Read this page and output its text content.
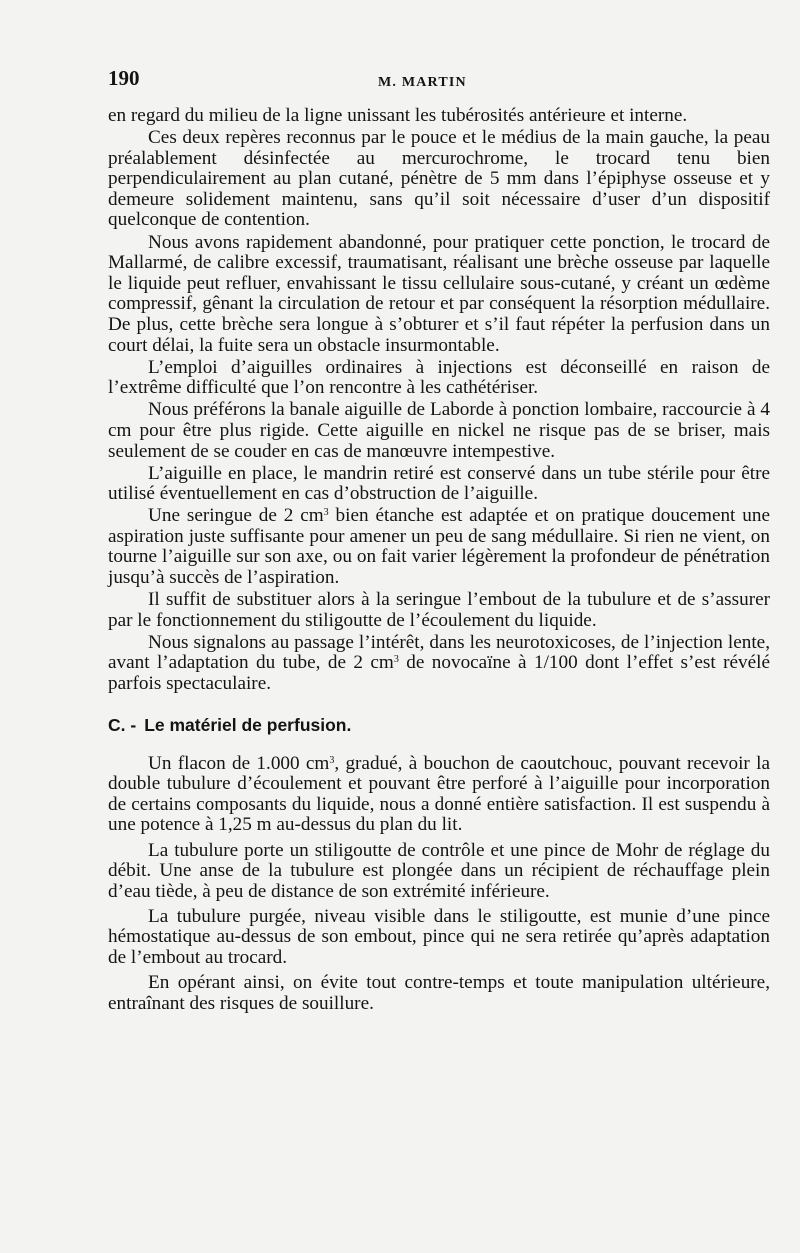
190	M. MARTIN

en regard du milieu de la ligne unissant les tubérosités antérieure et interne.

Ces deux repères reconnus par le pouce et le médius de la main gauche, la peau préalablement désinfectée au mercurochrome, le trocard tenu bien perpendiculairement au plan cutané, pénètre de 5 mm dans l’épiphyse osseuse et y demeure solidement maintenu, sans qu’il soit nécessaire d’user d’un dispositif quelconque de contention.

Nous avons rapidement abandonné, pour pratiquer cette ponction, le trocard de Mallarmé, de calibre excessif, traumatisant, réalisant une brèche osseuse par laquelle le liquide peut refluer, envahissant le tissu cellulaire sous-cutané, y créant un œdème compressif, gênant la circulation de retour et par conséquent la résorption médullaire. De plus, cette brèche sera longue à s’obturer et s’il faut répéter la perfusion dans un court délai, la fuite sera un obstacle insurmontable.

L’emploi d’aiguilles ordinaires à injections est déconseillé en raison de l’extrême difficulté que l’on rencontre à les cathétériser.

Nous préférons la banale aiguille de Laborde à ponction lombaire, raccourcie à 4 cm pour être plus rigide. Cette aiguille en nickel ne risque pas de se briser, mais seulement de se couder en cas de manœuvre intempestive.

L’aiguille en place, le mandrin retiré est conservé dans un tube stérile pour être utilisé éventuellement en cas d’obstruction de l’aiguille.

Une seringue de 2 $cm^3$ bien étanche est adaptée et on pratique doucement une aspiration juste suffisante pour amener un peu de sang médullaire. Si rien ne vient, on tourne l’aiguille sur son axe, ou on fait varier légèrement la profondeur de pénétration jusqu’à succès de l’aspiration.

Il suffit de substituer alors à la seringue l’embout de la tubulure et de s’assurer par le fonctionnement du stiligoutte de l’écoulement du liquide.

Nous signalons au passage l’intérêt, dans les neurotoxicoses, de l’injection lente, avant l’adaptation du tube, de 2 $cm^3$ de novocaïne à 1/100 dont l’effet s’est révélé parfois spectaculaire.

C. - Le matériel de perfusion.

Un flacon de 1.000 $cm^3$, gradué, à bouchon de caoutchouc, pouvant recevoir la double tubulure d’écoulement et pouvant être perforé à l’aiguille pour incorporation de certains composants du liquide, nous a donné entière satisfaction. Il est suspendu à une potence à 1,25 m au-dessus du plan du lit.

La tubulure porte un stiligoutte de contrôle et une pince de Mohr de réglage du débit. Une anse de la tubulure est plongée dans un récipient de réchauffage plein d’eau tiède, à peu de distance de son extrémité inférieure.

La tubulure purgée, niveau visible dans le stiligoutte, est munie d’une pince hémostatique au-dessus de son embout, pince qui ne sera retirée qu’après adaptation de l’embout au trocard.

En opérant ainsi, on évite tout contre-temps et toute manipulation ultérieure, entraînant des risques de souillure.
